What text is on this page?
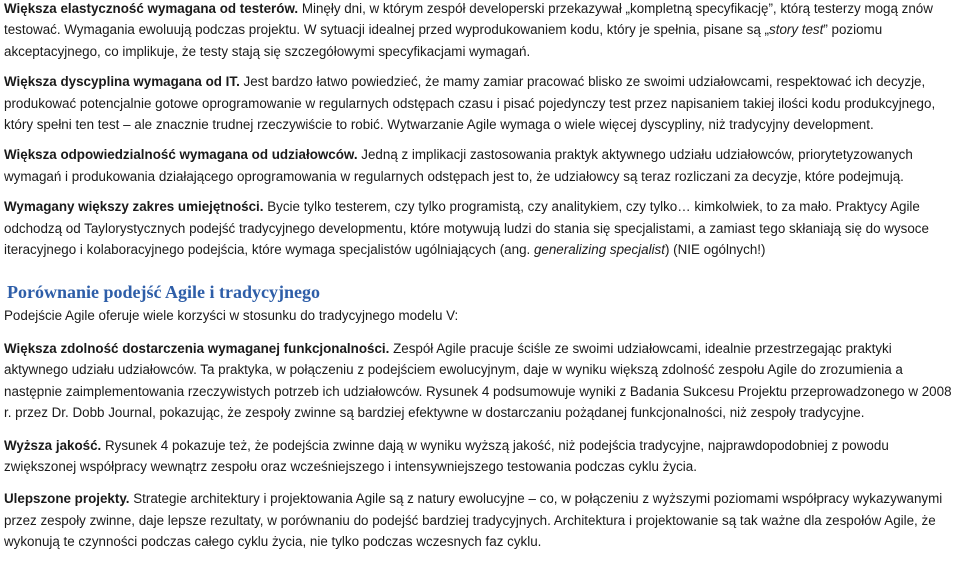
Większa elastyczność wymagana od testerów. Minęły dni, w którym zespół developerski przekazywał „kompletną specyfikację”, którą testerzy mogą znów testować. Wymagania ewoluują podczas projektu. W sytuacji idealnej przed wyprodukowaniem kodu, który je spełnia, pisane są „story test” poziomu akceptacyjnego, co implikuje, że testy stają się szczegółowymi specyfikacjami wymagań.

Większa dyscyplina wymagana od IT. Jest bardzo łatwo powiedzieć, że mamy zamiar pracować blisko ze swoimi udziałowcami, respektować ich decyzje, produkować potencjalnie gotowe oprogramowanie w regularnych odstępach czasu i pisać pojedynczy test przez napisaniem takiej ilości kodu produkcyjnego, który spełni ten test – ale znacznie trudnej rzeczywiście to robić. Wytwarzanie Agile wymaga o wiele więcej dyscypliny, niż tradycyjny development.

Większa odpowiedzialność wymagana od udziałowców. Jedną z implikacji zastosowania praktyk aktywnego udziału udziałowców, priorytetyzowanych wymagań i produkowania działającego oprogramowania w regularnych odstępach jest to, że udziałowcy są teraz rozliczani za decyzje, które podejmują.

Wymagany większy zakres umiejętności. Bycie tylko testerem, czy tylko programistą, czy analitykiem, czy tylko… kimkolwiek, to za mało. Praktycy Agile odchodzą od Taylorystycznych podejść tradycyjnego developmentu, które motywują ludzi do stania się specjalistami, a zamiast tego skłaniają się do wysoce iteracyjnego i kolaboracyjnego podejścia, które wymaga specjalistów ugólniających (ang. generalizing specjalist) (NIE ogólnych!)

Porównanie podejść Agile i tradycyjnego

Podejście Agile oferuje wiele korzyści w stosunku do tradycyjnego modelu V:

Większa zdolność dostarczenia wymaganej funkcjonalności. Zespół Agile pracuje ściśle ze swoimi udziałowcami, idealnie przestrzegając praktyki aktywnego udziału udziałowców. Ta praktyka, w połączeniu z podejściem ewolucyjnym, daje w wyniku większą zdolność zespołu Agile do zrozumienia a następnie zaimplementowania rzeczywistych potrzeb ich udziałowców. Rysunek 4 podsumowuje wyniki z Badania Sukcesu Projektu przeprowadzonego w 2008 r. przez Dr. Dobb Journal, pokazując, że zespoły zwinne są bardziej efektywne w dostarczaniu pożądanej funkcjonalności, niż zespoły tradycyjne.

Wyższa jakość. Rysunek 4 pokazuje też, że podejścia zwinne dają w wyniku wyższą jakość, niż podejścia tradycyjne, najprawdopodobniej z powodu zwiększonej współpracy wewnątrz zespołu oraz wcześniejszego i intensywniejszego testowania podczas cyklu życia.

Ulepszone projekty. Strategie architektury i projektowania Agile są z natury ewolucyjne – co, w połączeniu z wyższymi poziomami współpracy wykazywanymi przez zespoły zwinne, daje lepsze rezultaty, w porównaniu do podejść bardziej tradycyjnych. Architektura i projektowanie są tak ważne dla zespołów Agile, że wykonują te czynności podczas całego cyklu życia, nie tylko podczas wczesnych faz cyklu.
